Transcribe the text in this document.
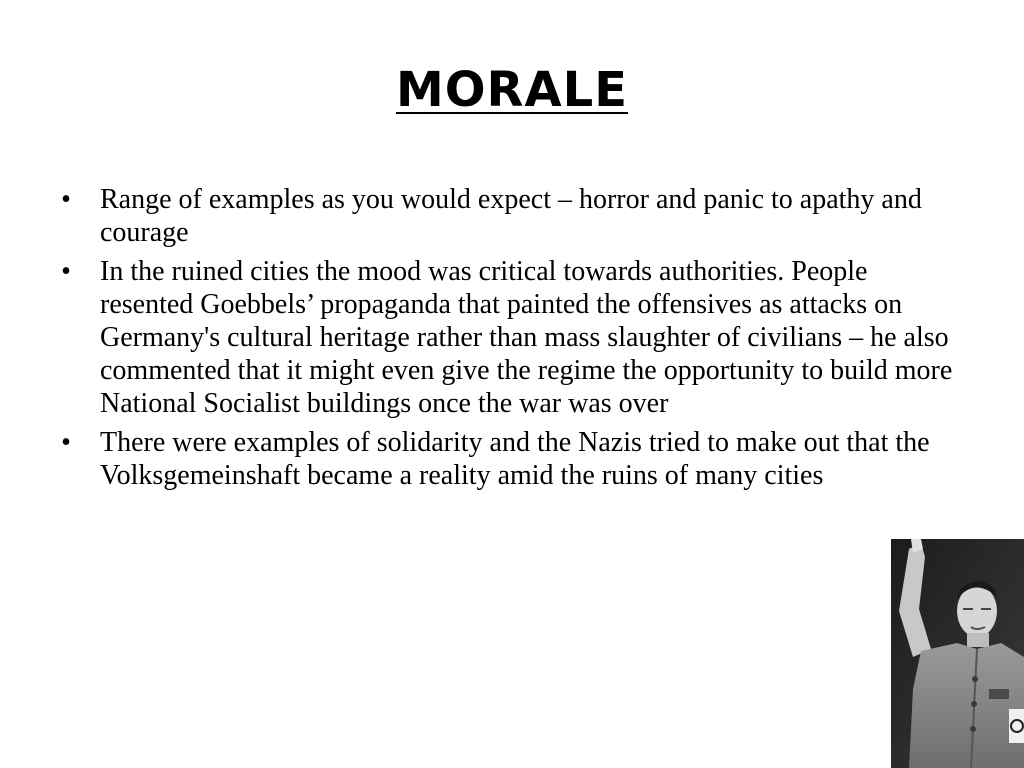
MORALE
• Range of examples as you would expect – horror and panic to apathy and courage
• In the ruined cities the mood was critical towards authorities. People resented Goebbels’ propaganda that painted the offensives as attacks on Germany's cultural heritage rather than mass slaughter of civilians – he also commented that it might even give the regime the opportunity to build more National Socialist buildings once the war was over
• There were examples of solidarity and the Nazis tried to make out that the Volksgemeinshaft became a reality amid the ruins of many cities
